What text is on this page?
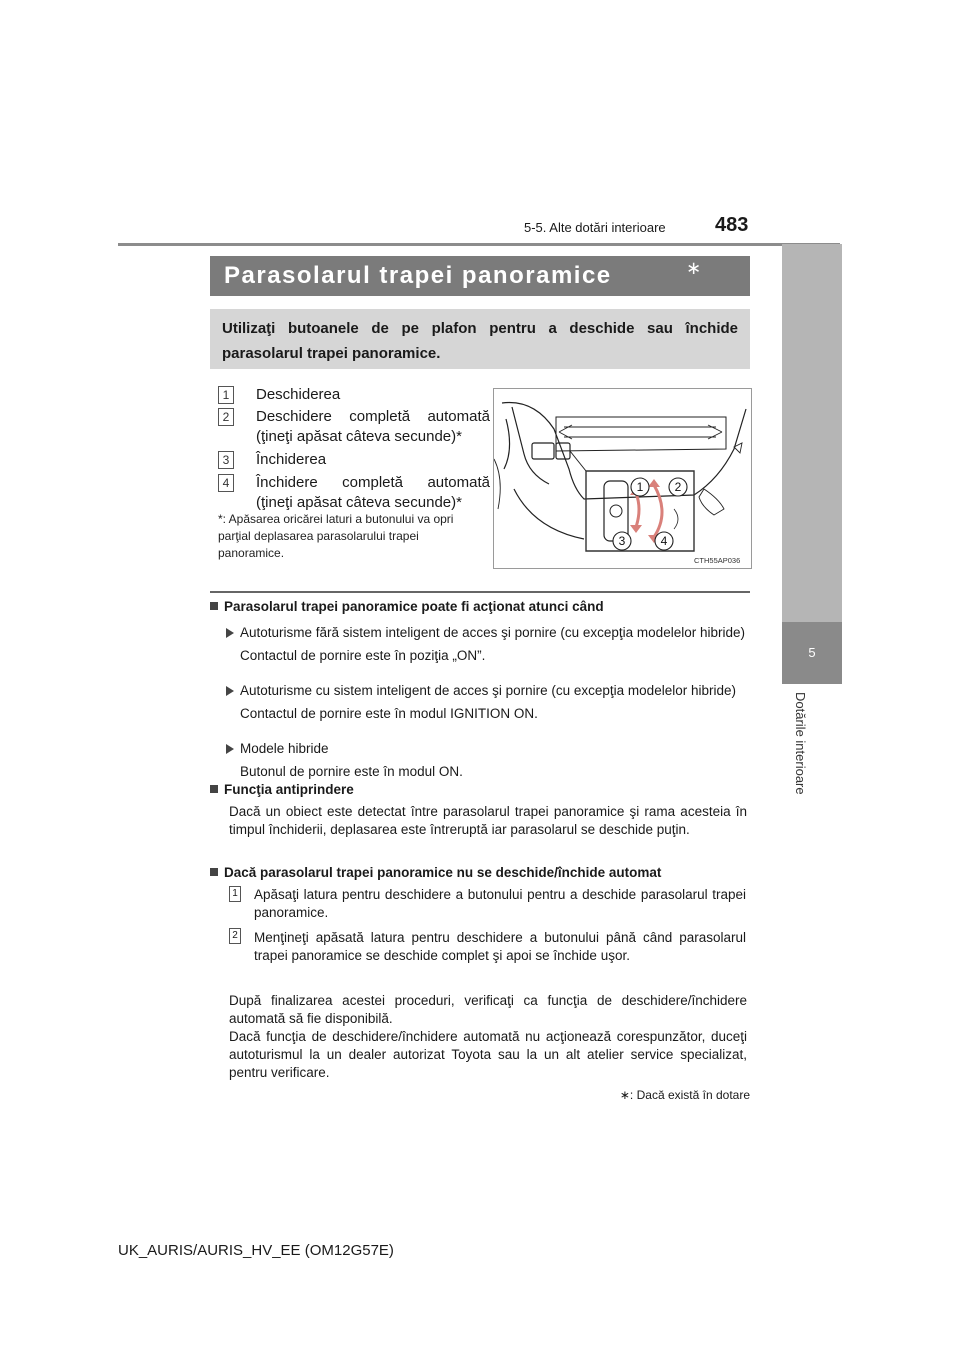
5-5. Alte dotări interioare 483
5
Dotările interioare
Parasolarul trapei panoramice	∗
Utilizaţi butoanele de pe plafon pentru a deschide sau închide parasolarul trapei panoramice.
1	Deschiderea
2	Deschidere completă automată (ţineţi apăsat câteva secunde)*
3	Închiderea
4	Închidere completă automată (ţineţi apăsat câteva secunde)*
*: Apăsarea oricărei laturi a butonului va opri parţial deplasarea parasolarului trapei panoramice.
1	2
3	4
CTH55AP036
Parasolarul trapei panoramice poate fi acţionat atunci când
Autoturisme fără sistem inteligent de acces şi pornire (cu excepţia modelelor hibride)
Contactul de pornire este în poziţia „ON”.
Autoturisme cu sistem inteligent de acces şi pornire (cu excepţia modelelor hibride)
Contactul de pornire este în modul IGNITION ON.
Modele hibride
Butonul de pornire este în modul ON.
Funcţia antiprindere
Dacă un obiect este detectat între parasolarul trapei panoramice şi rama acesteia în timpul închiderii, deplasarea este întreruptă iar parasolarul se deschide puţin.
Dacă parasolarul trapei panoramice nu se deschide/închide automat
1 Apăsaţi latura pentru deschidere a butonului pentru a deschide parasolarul trapei panoramice.
2 Menţineţi apăsată latura pentru deschidere a butonului până când parasolarul trapei panoramice se deschide complet şi apoi se închide uşor.
După finalizarea acestei proceduri, verificaţi ca funcţia de deschidere/închidere automată să fie disponibilă.
Dacă funcţia de deschidere/închidere automată nu acţionează corespunzător, duceţi autoturismul la un dealer autorizat Toyota sau la un alt atelier service specializat, pentru verificare.
∗: Dacă există în dotare
UK_AURIS/AURIS_HV_EE (OM12G57E)
